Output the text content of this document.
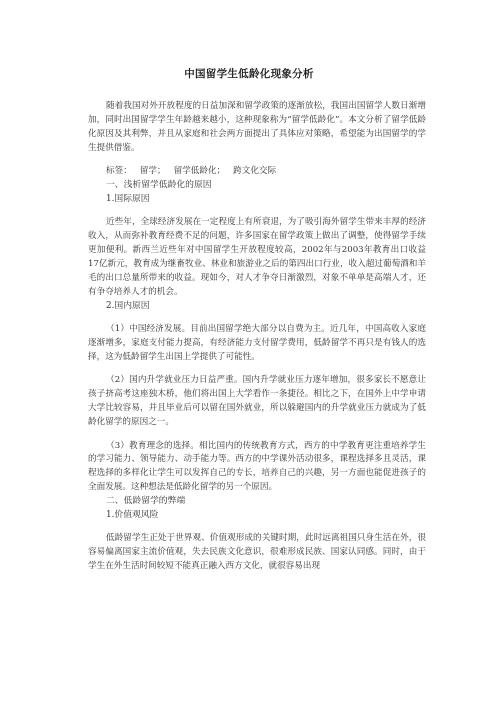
中国留学生低龄化现象分析

随着我国对外开放程度的日益加深和留学政策的逐渐放松，我国出国留学人数日渐增加，同时出国留学学生年龄越来越小，这种现象称为“留学低龄化”。本文分析了留学低龄化原因及其利弊，并且从家庭和社会两方面提出了具体应对策略，希望能为出国留学的学生提供借鉴。

标签： 留学； 留学低龄化； 跨文化交际

一、浅析留学低龄化的原因

1.国际原因

近些年，全球经济发展在一定程度上有所衰退，为了吸引海外留学生带来丰厚的经济收入，从而弥补教育经费不足的问题，许多国家在留学政策上做出了调整，使得留学手续更加便利。新西兰近些年对中国留学生开放程度较高，2002年与2003年教育出口收益17亿新元，教育成为继畜牧业、林业和旅游业之后的第四出口行业，收入超过葡萄酒和羊毛的出口总量所带来的收益。现如今，对人才争夺日渐激烈，对象不单单是高端人才，还有争夺培养人才的机会。

2.国内原因

（1）中国经济发展。目前出国留学绝大部分以自费为主。近几年，中国高收入家庭逐渐增多，家庭支付能力提高，有经济能力支付留学费用，低龄留学不再只是有钱人的选择，这为低龄留学生出国上学提供了可能性。

（2）国内升学就业压力日益严重。国内升学就业压力逐年增加，很多家长不愿意让孩子挤高考这座独木桥，他们将出国上大学看作一条捷径。相比之下，在国外上中学申请大学比较容易，并且毕业后可以留在国外就业，所以躲避国内的升学就业压力就成为了低龄化留学的原因之一。

（3）教育理念的选择。相比国内的传统教育方式，西方的中学教育更注重培养学生的学习能力、领导能力、动手能力等。西方的中学课外活动很多，课程选择多且灵活，课程选择的多样化让学生可以发挥自己的专长，培养自己的兴趣，另一方面也能促进孩子的全面发展。这种想法是低龄化留学的另一个原因。

二、低龄留学的弊端

1.价值观风险

低龄留学生正处于世界观、价值观形成的关键时期，此时远离祖国只身生活在外，很容易偏离国家主流价值观，失去民族文化意识，很难形成民族、国家认同感。同时，由于学生在外生活时间较短不能真正融入西方文化，就很容易出现
